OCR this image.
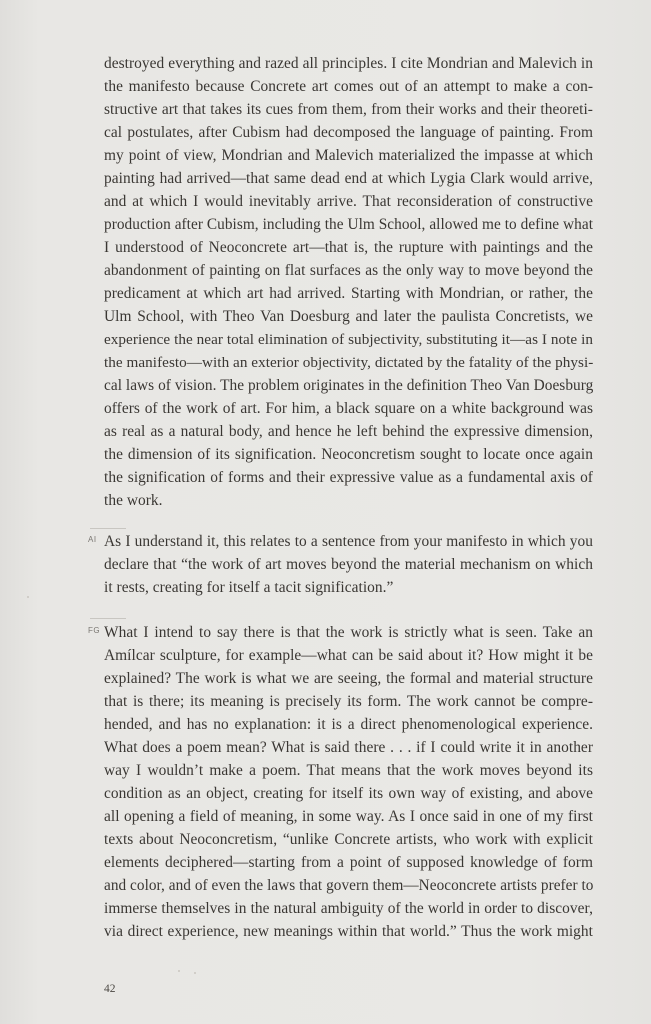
destroyed everything and razed all principles. I cite Mondrian and Malevich in
the manifesto because Concrete art comes out of an attempt to make a con-
structive art that takes its cues from them, from their works and their theoreti-
cal postulates, after Cubism had decomposed the language of painting. From
my point of view, Mondrian and Malevich materialized the impasse at which
painting had arrived—that same dead end at which Lygia Clark would arrive,
and at which I would inevitably arrive. That reconsideration of constructive
production after Cubism, including the Ulm School, allowed me to define what
I understood of Neoconcrete art—that is, the rupture with paintings and the
abandonment of painting on flat surfaces as the only way to move beyond the
predicament at which art had arrived. Starting with Mondrian, or rather, the
Ulm School, with Theo Van Doesburg and later the paulista Concretists, we
experience the near total elimination of subjectivity, substituting it—as I note in
the manifesto—with an exterior objectivity, dictated by the fatality of the physi-
cal laws of vision. The problem originates in the definition Theo Van Doesburg
offers of the work of art. For him, a black square on a white background was
as real as a natural body, and hence he left behind the expressive dimension,
the dimension of its signification. Neoconcretism sought to locate once again
the signification of forms and their expressive value as a fundamental axis of
the work.
AI As I understand it, this relates to a sentence from your manifesto in which you
declare that “the work of art moves beyond the material mechanism on which
it rests, creating for itself a tacit signification.”
FG What I intend to say there is that the work is strictly what is seen. Take an
Amílcar sculpture, for example—what can be said about it? How might it be
explained? The work is what we are seeing, the formal and material structure
that is there; its meaning is precisely its form. The work cannot be compre-
hended, and has no explanation: it is a direct phenomenological experience.
What does a poem mean? What is said there . . . if I could write it in another
way I wouldn’t make a poem. That means that the work moves beyond its
condition as an object, creating for itself its own way of existing, and above
all opening a field of meaning, in some way. As I once said in one of my first
texts about Neoconcretism, “unlike Concrete artists, who work with explicit
elements deciphered—starting from a point of supposed knowledge of form
and color, and of even the laws that govern them—Neoconcrete artists prefer to
immerse themselves in the natural ambiguity of the world in order to discover,
via direct experience, new meanings within that world.” Thus the work might
42
